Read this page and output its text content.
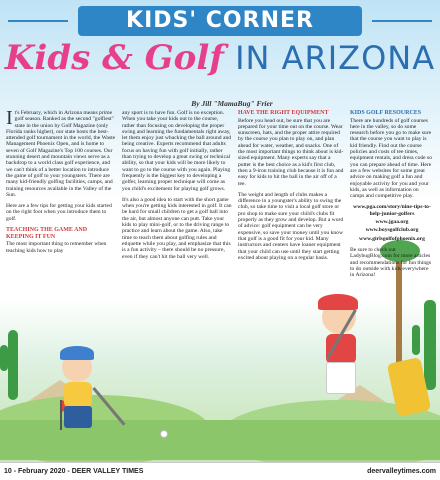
KIDS' CORNER
Kids & Golf IN ARIZONA
By Jill "MamaBug" Frier

It's February, which in Arizona means prime golf season. Ranked as the second "golfiest" state in the union by Golf Magazine (only Florida ranks higher), our state hosts the best-attended golf tournament in the world, the Waste Management Phoenix Open, and is home to seven of Golf Magazine's Top 100 courses. Our stunning desert and mountain views serve as a backdrop to a world class golf experience, and we can't think of a better location to introduce the game of golf to your youngsters. There are many kid-friendly golfing facilities, camps, and training resources available in the Valley of the Sun.

Here are a few tips for getting your kids started on the right foot when you introduce them to golf.

TEACHING THE GAME AND KEEPING IT FUN

The most important thing to remember when teaching kids how to play

any sport is to have fun. Golf is no exception. When you take your kids out to the course, rather than focusing on developing the proper swing and learning the fundamentals right away, let them enjoy just whacking the ball around and being creative. Experts recommend that adults focus on having fun with golf initially, rather than trying to develop a great swing or technical ability, so that your kids will be more likely to want to go to the course with you again. Playing frequently is the biggest key to developing a golfer, learning proper technique will come as you child's excitement for playing golf grows.

It's also a good idea to start with the short game when you're getting kids interested in golf. It can be hard for small children to get a golf ball into the air, but almost anyone can putt. Take your kids to play mini-golf, or to the driving range to practice and learn about the game. Also, take time to teach them about golfing rules and etiquette while you play, and emphasize that this is a fun activity – there should be no pressure, even if they can't hit the ball very well.

HAVE THE RIGHT EQUIPMENT

Before you head out, be sure that you are prepared for your time out on the course. Wear sunscreen, hats, and the proper attire required by the course you plan to play on, and plan ahead for water, weather, and snacks. One of the most important things to think about is kid-sized equipment. Many experts say that a putter is the best choice as a kid's first club, then a 9-iron training club because it is fun and easy for kids to hit the ball in the air off of a tee.

The weight and length of clubs makes a difference in a youngster's ability to swing the club, so take time to visit a local golf store or pro shop to make sure your child's clubs fit properly as they grow and develop. But a word of advice: golf equipment can be very expensive, so save your money until you know that golf is a good fit for your kid. Many instructors and centers have loaner equipment that your child can use until they start getting excited about playing on a regular basis.

KIDS GOLF RESOURCES

There are hundreds of golf courses here in the valley, so do some research before you go to make sure that the course you want to play is kid friendly. Find out the course policies and costs of tee times, equipment rentals, and dress code so you can prepare ahead of time. Here are a few websites for some great advice on making golf a fun and enjoyable activity for you and your kids, as well as information on camps and competitive play.

www.pga.com/story/nine-tips-to-help-junior-golfers
www.jgaa.org
www.boysgolfclub.org
www.girlsgolfofphoenix.org

Be sure to check out LadybugBlog.com for more articles and recommendations for fun things to do outside with kids everywhere in Arizona!

10 - February 2020 - DEER VALLEY TIMES	deervalleytimes.com
